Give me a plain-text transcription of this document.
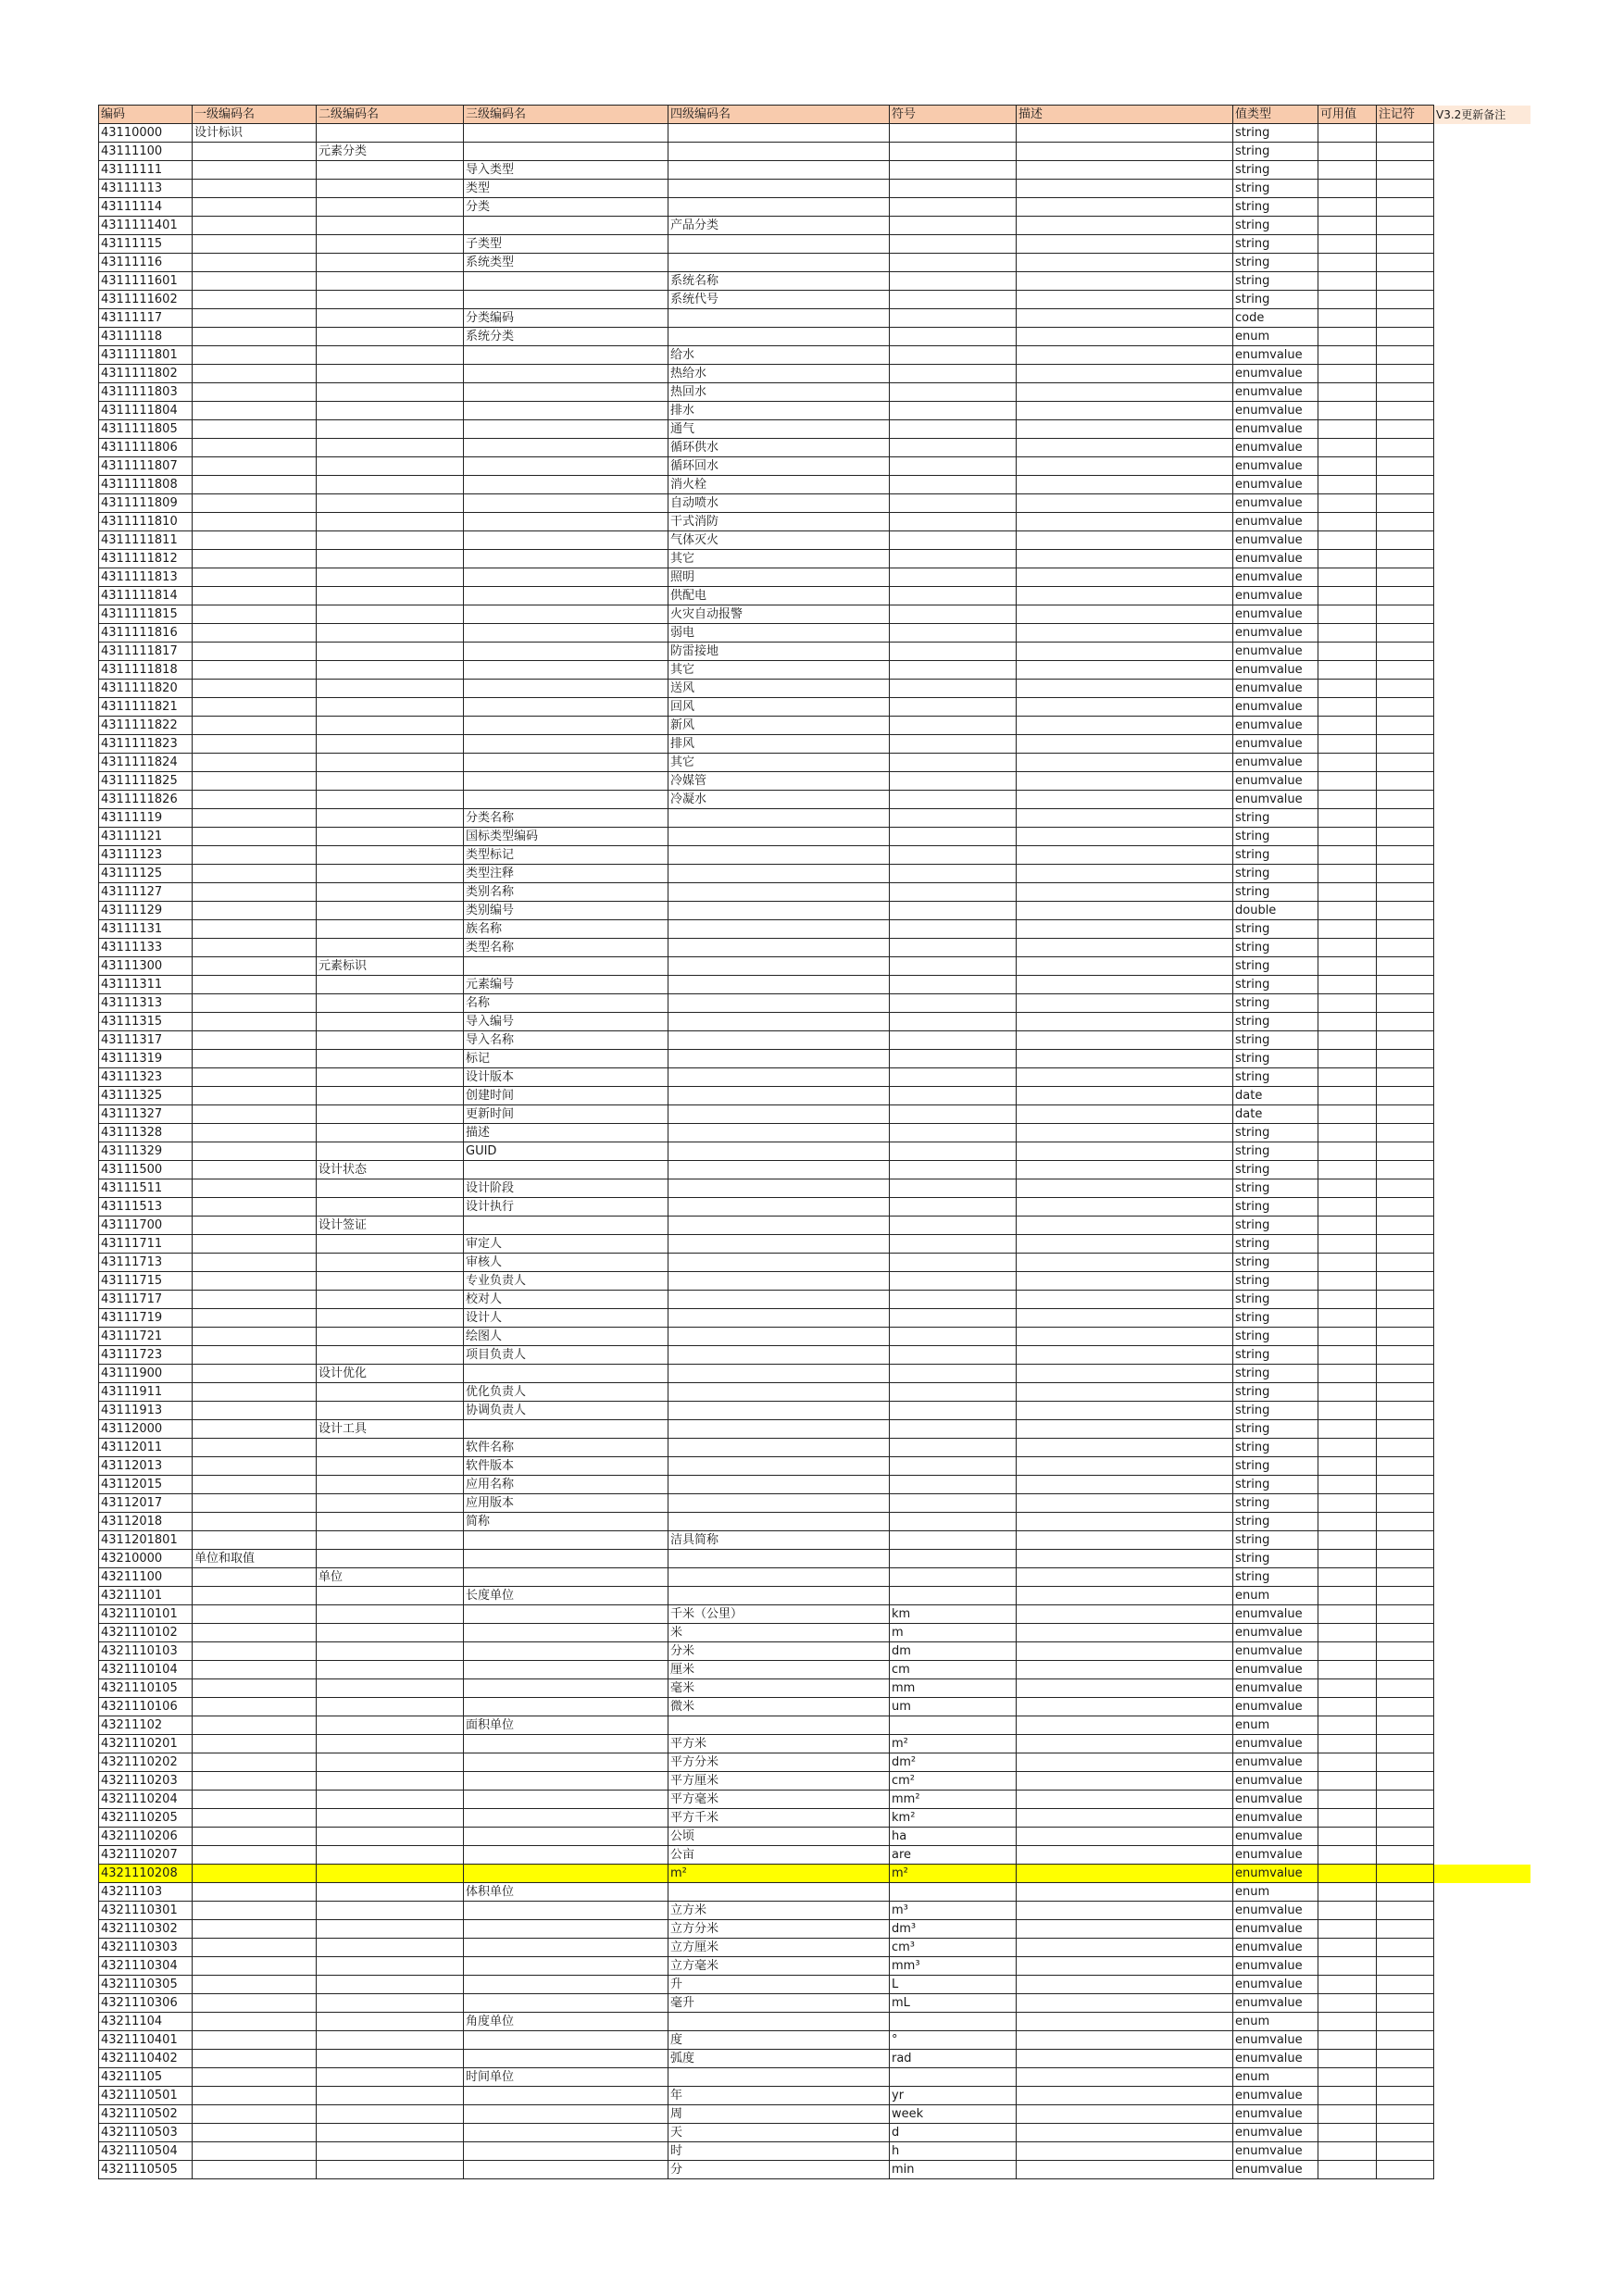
编码	一级编码名	二级编码名	三级编码名	四级编码名	符号	描述	值类型	可用值	注记符	V3.2更新备注
43110000	设计标识						string			
43111100		元素分类					string			
43111111			导入类型				string			
43111113			类型				string			
43111114			分类				string			
4311111401				产品分类			string			
43111115			子类型				string			
43111116			系统类型				string			
4311111601				系统名称			string			
4311111602				系统代号			string			
43111117			分类编码				code			
43111118			系统分类				enum			
4311111801				给水			enumvalue			
4311111802				热给水			enumvalue			
4311111803				热回水			enumvalue			
4311111804				排水			enumvalue			
4311111805				通气			enumvalue			
4311111806				循环供水			enumvalue			
4311111807				循环回水			enumvalue			
4311111808				消火栓			enumvalue			
4311111809				自动喷水			enumvalue			
4311111810				干式消防			enumvalue			
4311111811				气体灭火			enumvalue			
4311111812				其它			enumvalue			
4311111813				照明			enumvalue			
4311111814				供配电			enumvalue			
4311111815				火灾自动报警			enumvalue			
4311111816				弱电			enumvalue			
4311111817				防雷接地			enumvalue			
4311111818				其它			enumvalue			
4311111820				送风			enumvalue			
4311111821				回风			enumvalue			
4311111822				新风			enumvalue			
4311111823				排风			enumvalue			
4311111824				其它			enumvalue			
4311111825				冷媒管			enumvalue			
4311111826				冷凝水			enumvalue			
43111119			分类名称				string			
43111121			国标类型编码				string			
43111123			类型标记				string			
43111125			类型注释				string			
43111127			类别名称				string			
43111129			类别编号				double			
43111131			族名称				string			
43111133			类型名称				string			
43111300		元素标识					string			
43111311			元素编号				string			
43111313			名称				string			
43111315			导入编号				string			
43111317			导入名称				string			
43111319			标记				string			
43111323			设计版本				string			
43111325			创建时间				date			
43111327			更新时间				date			
43111328			描述				string			
43111329			GUID				string			
43111500		设计状态					string			
43111511			设计阶段				string			
43111513			设计执行				string			
43111700		设计签证					string			
43111711			审定人				string			
43111713			审核人				string			
43111715			专业负责人				string			
43111717			校对人				string			
43111719			设计人				string			
43111721			绘图人				string			
43111723			项目负责人				string			
43111900		设计优化					string			
43111911			优化负责人				string			
43111913			协调负责人				string			
43112000		设计工具					string			
43112011			软件名称				string			
43112013			软件版本				string			
43112015			应用名称				string			
43112017			应用版本				string			
43112018			简称				string			
4311201801				洁具简称			string			
43210000	单位和取值						string			
43211100		单位					string			
43211101			长度单位				enum			
4321110101				千米（公里）	km		enumvalue			
4321110102				米	m		enumvalue			
4321110103				分米	dm		enumvalue			
4321110104				厘米	cm		enumvalue			
4321110105				毫米	mm		enumvalue			
4321110106				微米	um		enumvalue			
43211102			面积单位				enum			
4321110201				平方米	m²		enumvalue			
4321110202				平方分米	dm²		enumvalue			
4321110203				平方厘米	cm²		enumvalue			
4321110204				平方毫米	mm²		enumvalue			
4321110205				平方千米	km²		enumvalue			
4321110206				公顷	ha		enumvalue			
4321110207				公亩	are		enumvalue			
4321110208				m²	m²		enumvalue			
43211103			体积单位				enum			
4321110301				立方米	m³		enumvalue			
4321110302				立方分米	dm³		enumvalue			
4321110303				立方厘米	cm³		enumvalue			
4321110304				立方毫米	mm³		enumvalue			
4321110305				升	L		enumvalue			
4321110306				毫升	mL		enumvalue			
43211104			角度单位				enum			
4321110401				度	°		enumvalue			
4321110402				弧度	rad		enumvalue			
43211105			时间单位				enum			
4321110501				年	yr		enumvalue			
4321110502				周	week		enumvalue			
4321110503				天	d		enumvalue			
4321110504				时	h		enumvalue			
4321110505				分	min		enumvalue			
